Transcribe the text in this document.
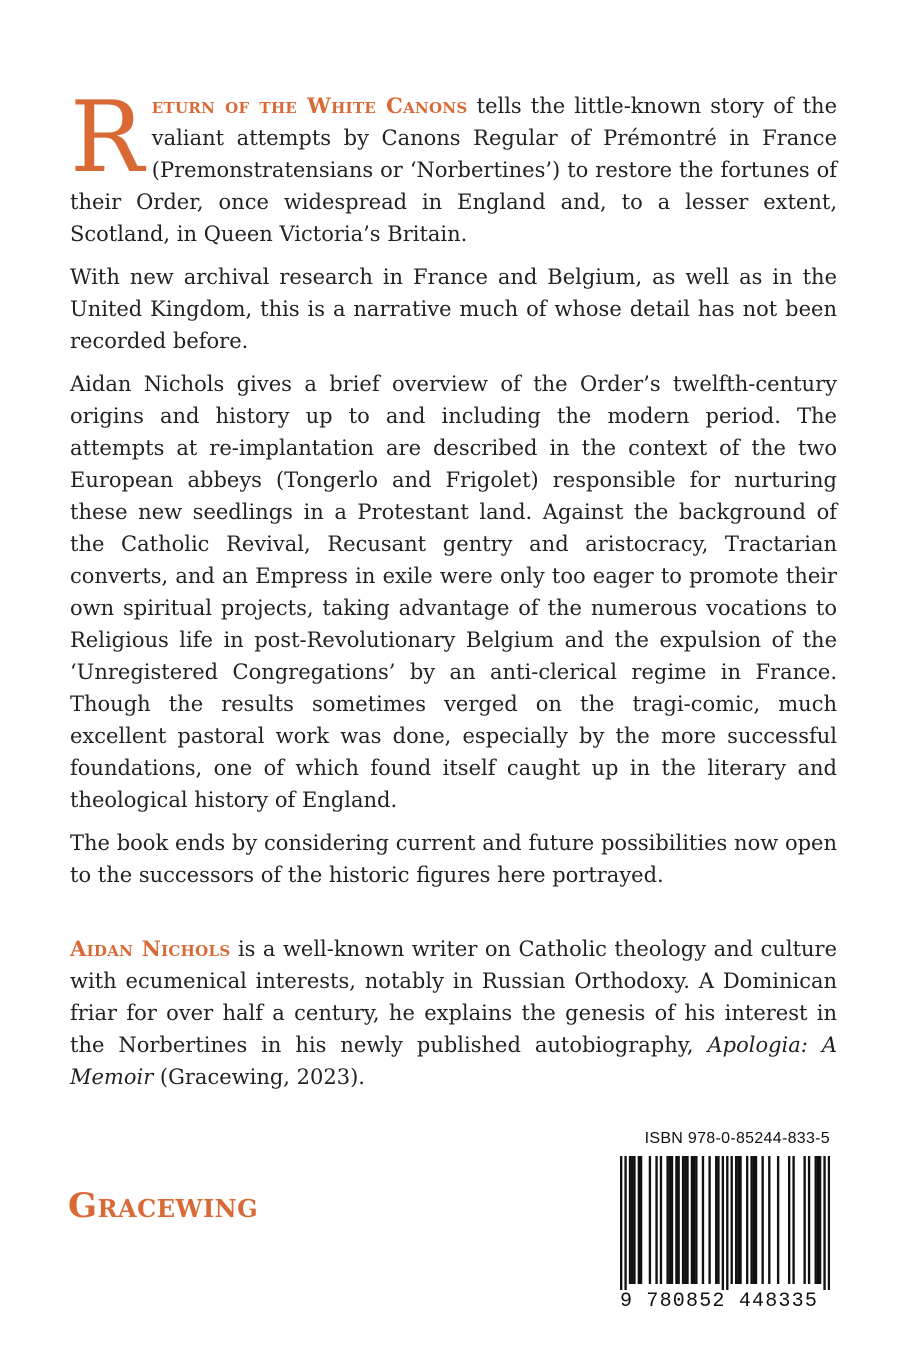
Return of the White Canons tells the little-known story of the valiant attempts by Canons Regular of Prémontré in France (Premonstratensians or ‘Norbertines’) to restore the fortunes of their Order, once widespread in England and, to a lesser extent, Scotland, in Queen Victoria’s Britain.

With new archival research in France and Belgium, as well as in the United Kingdom, this is a narrative much of whose detail has not been recorded before.

Aidan Nichols gives a brief overview of the Order’s twelfth-century origins and history up to and including the modern period. The attempts at re-implantation are described in the context of the two European abbeys (Tongerlo and Frigolet) responsible for nurturing these new seedlings in a Protestant land. Against the background of the Catholic Revival, Recusant gentry and aristocracy, Tractarian converts, and an Empress in exile were only too eager to promote their own spiritual projects, taking advantage of the numerous vocations to Religious life in post-Revolutionary Belgium and the expulsion of the ‘Unregistered Congregations’ by an anti-clerical regime in France. Though the results sometimes verged on the tragi-comic, much excellent pastoral work was done, especially by the more successful foundations, one of which found itself caught up in the literary and theological history of England.

The book ends by considering current and future possibilities now open to the successors of the historic figures here portrayed.

Aidan Nichols is a well-known writer on Catholic theology and culture with ecumenical interests, notably in Russian Orthodoxy. A Dominican friar for over half a century, he explains the genesis of his interest in the Norbertines in his newly published autobiography, Apologia: A Memoir (Gracewing, 2023).

Gracewing
ISBN 978-0-85244-833-5
9 780852 448335
